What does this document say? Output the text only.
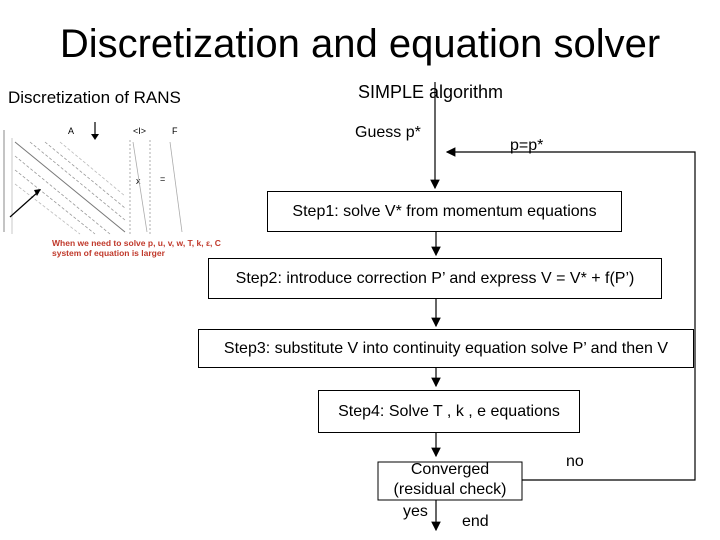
Discretization and equation solver
Discretization of RANS	SIMPLE algorithm
A	<I>	F
x =
When we need to solve p, u, v, w, T, k, ε, C system of equation is larger
Guess p*
p=p*
Step1: solve V* from momentum equations
Step2: introduce correction P’ and express V = V* + f(P’)
Step3: substitute V into continuity equation solve P’ and then V
Step4: Solve T , k , e equations
Converged (residual check)
yes
end
no
